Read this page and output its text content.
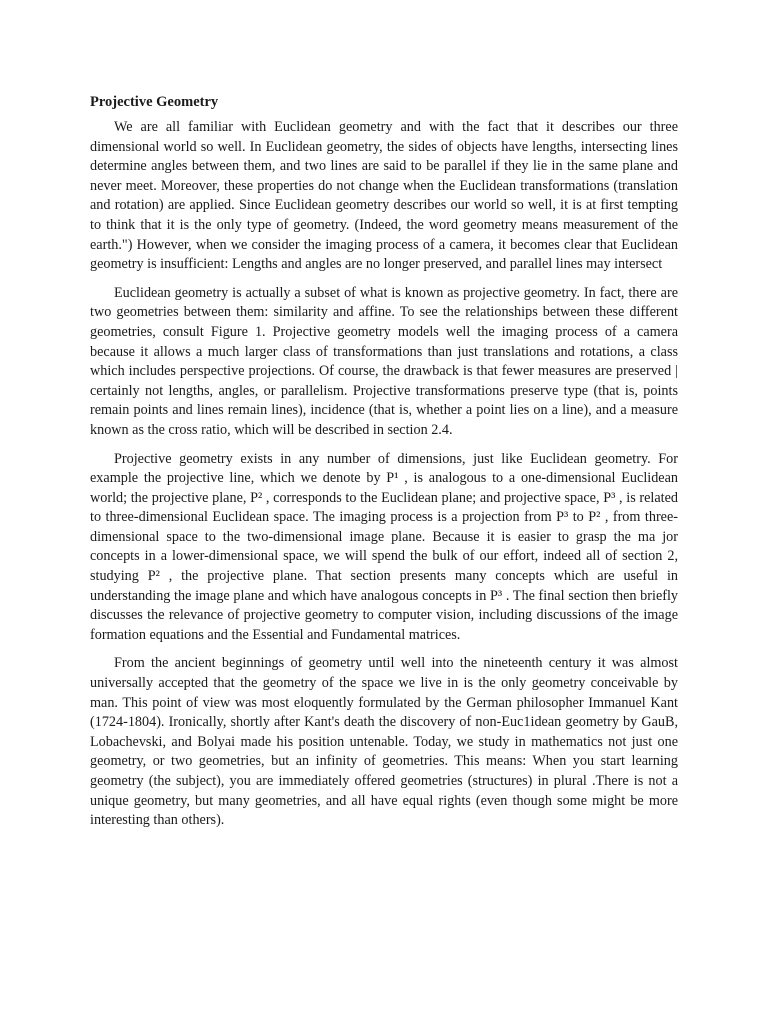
Projective Geometry

We are all familiar with Euclidean geometry and with the fact that it describes our three dimensional world so well. In Euclidean geometry, the sides of objects have lengths, intersecting lines determine angles between them, and two lines are said to be parallel if they lie in the same plane and never meet. Moreover, these properties do not change when the Euclidean transformations (translation and rotation) are applied. Since Euclidean geometry describes our world so well, it is at first tempting to think that it is the only type of geometry. (Indeed, the word geometry means measurement of the earth.") However, when we consider the imaging process of a camera, it becomes clear that Euclidean geometry is insufficient: Lengths and angles are no longer preserved, and parallel lines may intersect

Euclidean geometry is actually a subset of what is known as projective geometry. In fact, there are two geometries between them: similarity and affine. To see the relationships between these different geometries, consult Figure 1. Projective geometry models well the imaging process of a camera because it allows a much larger class of transformations than just translations and rotations, a class which includes perspective projections. Of course, the drawback is that fewer measures are preserved | certainly not lengths, angles, or parallelism. Projective transformations preserve type (that is, points remain points and lines remain lines), incidence (that is, whether a point lies on a line), and a measure known as the cross ratio, which will be described in section 2.4.

Projective geometry exists in any number of dimensions, just like Euclidean geometry. For example the projective line, which we denote by P¹ , is analogous to a one-dimensional Euclidean world; the projective plane, P² , corresponds to the Euclidean plane; and projective space, P³ , is related to three-dimensional Euclidean space. The imaging process is a projection from P³ to P² , from three-dimensional space to the two-dimensional image plane. Because it is easier to grasp the ma jor concepts in a lower-dimensional space, we will spend the bulk of our effort, indeed all of section 2, studying P² , the projective plane. That section presents many concepts which are useful in understanding the image plane and which have analogous concepts in P³ . The final section then briefly discusses the relevance of projective geometry to computer vision, including discussions of the image formation equations and the Essential and Fundamental matrices.

From the ancient beginnings of geometry until well into the nineteenth century it was almost universally accepted that the geometry of the space we live in is the only geometry conceivable by man. This point of view was most eloquently formulated by the German philosopher Immanuel Kant (1724-1804). Ironically, shortly after Kant's death the discovery of non-Euc1idean geometry by GauB, Lobachevski, and Bolyai made his position untenable. Today, we study in mathematics not just one geometry, or two geometries, but an infinity of geometries. This means: When you start learning geometry (the subject), you are immediately offered geometries (structures) in plural .There is not a unique geometry, but many geometries, and all have equal rights (even though some might be more interesting than others).
